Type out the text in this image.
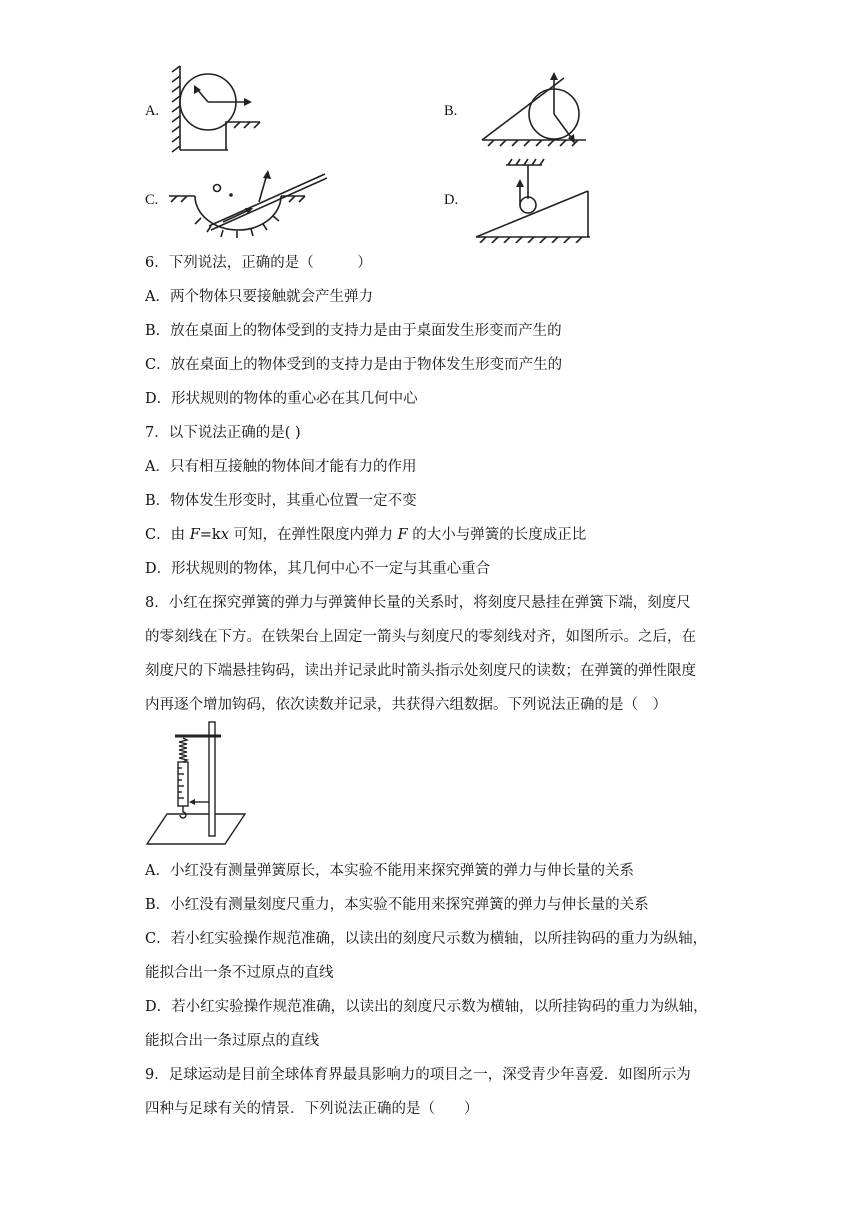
A.	B.
C.	D.
6．下列说法，正确的是（　　　）
A．两个物体只要接触就会产生弹力
B．放在桌面上的物体受到的支持力是由于桌面发生形变而产生的
C．放在桌面上的物体受到的支持力是由于物体发生形变而产生的
D．形状规则的物体的重心必在其几何中心
7．以下说法正确的是( )
A．只有相互接触的物体间才能有力的作用
B．物体发生形变时，其重心位置一定不变
C．由 F=kx 可知，在弹性限度内弹力 F 的大小与弹簧的长度成正比
D．形状规则的物体，其几何中心不一定与其重心重合
8．小红在探究弹簧的弹力与弹簧伸长量的关系时，将刻度尺悬挂在弹簧下端，刻度尺
的零刻线在下方。在铁架台上固定一箭头与刻度尺的零刻线对齐，如图所示。之后，在
刻度尺的下端悬挂钩码，读出并记录此时箭头指示处刻度尺的读数；在弹簧的弹性限度
内再逐个增加钩码，依次读数并记录，共获得六组数据。下列说法正确的是（　）
A．小红没有测量弹簧原长，本实验不能用来探究弹簧的弹力与伸长量的关系
B．小红没有测量刻度尺重力，本实验不能用来探究弹簧的弹力与伸长量的关系
C．若小红实验操作规范准确，以读出的刻度尺示数为横轴，以所挂钩码的重力为纵轴，
能拟合出一条不过原点的直线
D．若小红实验操作规范准确，以读出的刻度尺示数为横轴，以所挂钩码的重力为纵轴，
能拟合出一条过原点的直线
9．足球运动是目前全球体育界最具影响力的项目之一，深受青少年喜爱．如图所示为
四种与足球有关的情景．下列说法正确的是（　　）
